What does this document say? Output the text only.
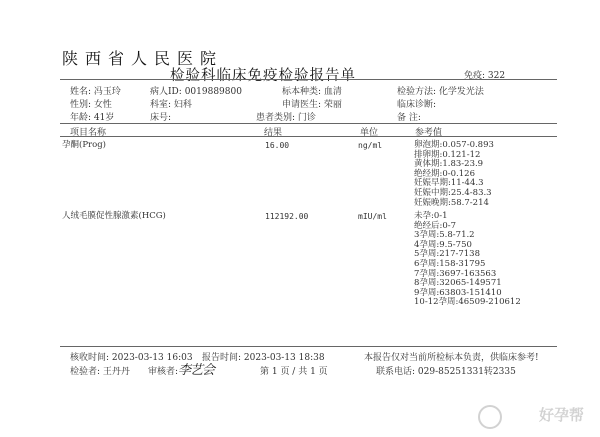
陕西省人民医院
检验科临床免疫检验报告单	免疫: 322
姓名: 冯玉玲	病人ID: 0019889800	标本种类: 血清	检验方法: 化学发光法
性别: 女性	科室: 妇科	申请医生: 荣丽	临床诊断:
年龄: 41岁	床号:	患者类别: 门诊	备 注:
项目名称	结果	单位	参考值
孕酮(Prog)	16.00	ng/ml	卵泡期:0.057-0.893
排卵期:0.121-12
黄体期:1.83-23.9
绝经期:0-0.126
妊娠早期:11-44.3
妊娠中期:25.4-83.3
妊娠晚期:58.7-214
人绒毛膜促性腺激素(HCG)	112192.00	mIU/ml	未孕:0-1
绝经后:0-7
3孕周:5.8-71.2
4孕周:9.5-750
5孕周:217-7138
6孕周:158-31795
7孕周:3697-163563
8孕周:32065-149571
9孕周:63803-151410
10-12孕周:46509-210612
核收时间: 2023-03-13 16:03 报告时间: 2023-03-13 18:38	本报告仅对当前所检标本负责，供临床参考!
检验者: 王丹丹 审核者: 李艺会	第 1 页 / 共 1 页	联系电话: 029-85251331转2335
好孕帮
